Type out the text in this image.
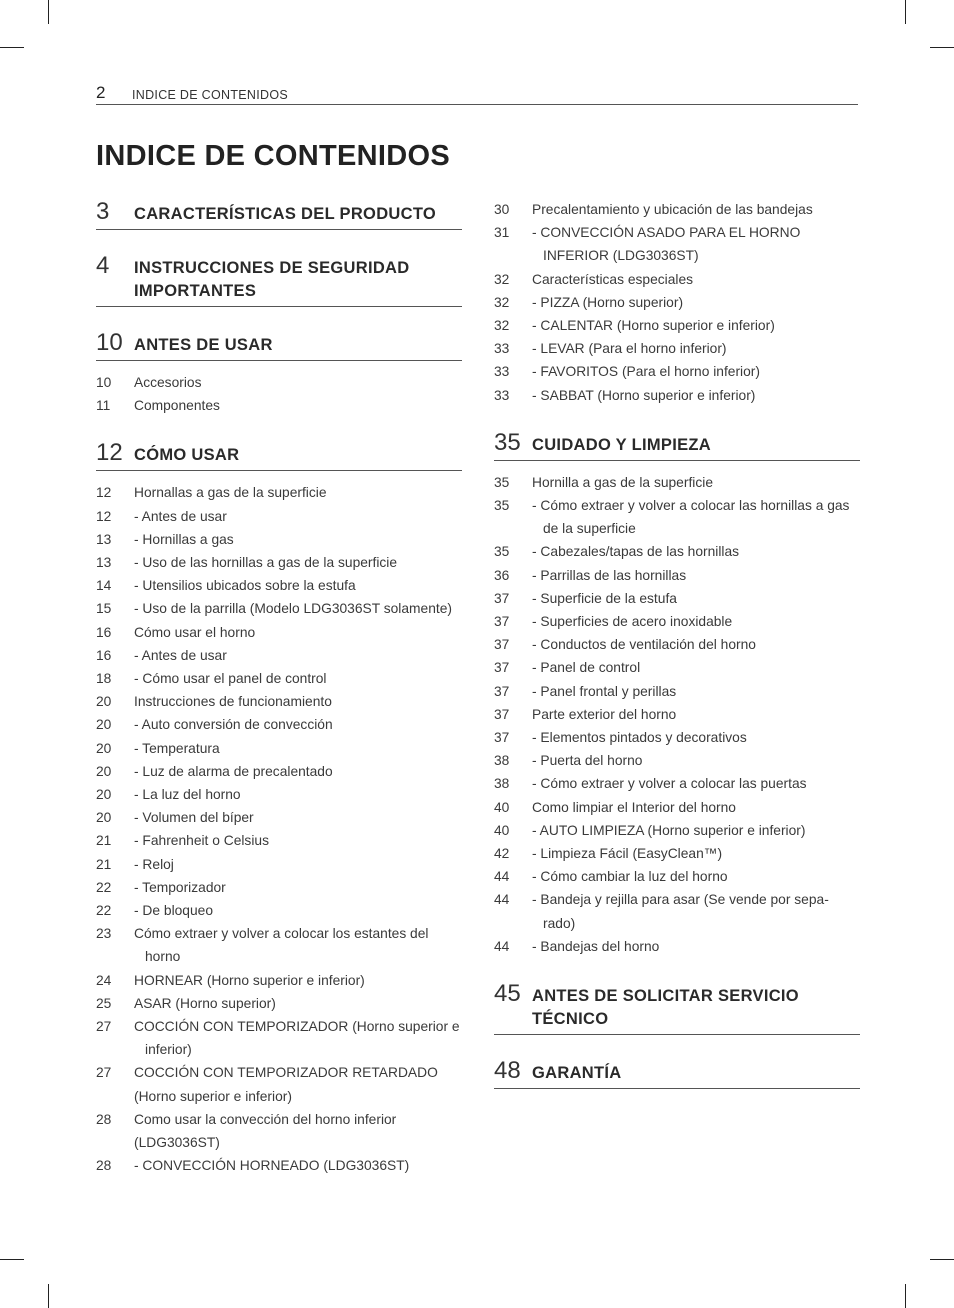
2 INDICE DE CONTENIDOS
INDICE DE CONTENIDOS
3	CARACTERÍSTICAS DEL PRODUCTO
4	INSTRUCCIONES DE SEGURIDAD IMPORTANTES
10 ANTES DE USAR
10	Accesorios
11	Componentes
12 CÓMO USAR
12	Hornallas a gas de la superficie
12	- Antes de usar
13	- Hornillas a gas
13	- Uso de las hornillas a gas de la superficie
14	- Utensilios ubicados sobre la estufa
15	- Uso de la parrilla (Modelo LDG3036ST solamente)
16	Cómo usar el horno
16	- Antes de usar
18	- Cómo usar el panel de control
20	Instrucciones de funcionamiento
20	- Auto conversión de convección
20	- Temperatura
20	- Luz de alarma de precalentado
20	- La luz del horno
20	- Volumen del bíper
21	- Fahrenheit o Celsius
21	- Reloj
22	- Temporizador
22	- De bloqueo
23	Cómo extraer y volver a colocar los estantes del horno
24	HORNEAR (Horno superior e inferior)
25	ASAR (Horno superior)
27	COCCIÓN CON TEMPORIZADOR (Horno superior e inferior)
27	COCCIÓN CON TEMPORIZADOR RETARDADO (Horno superior e inferior)
28	Como usar la convección del horno inferior (LDG3036ST)
28	- CONVECCIÓN HORNEADO (LDG3036ST)
30	Precalentamiento y ubicación de las bandejas
31	- CONVECCIÓN ASADO PARA EL HORNO INFERIOR (LDG3036ST)
32	Características especiales
32	- PIZZA (Horno superior)
32	- CALENTAR (Horno superior e inferior)
33	- LEVAR (Para el horno inferior)
33	- FAVORITOS (Para el horno inferior)
33	- SABBAT (Horno superior e inferior)
35 CUIDADO Y LIMPIEZA
35	Hornilla a gas de la superficie
35	- Cómo extraer y volver a colocar las hornillas a gas de la superficie
35	- Cabezales/tapas de las hornillas
36	- Parrillas de las hornillas
37	- Superficie de la estufa
37	- Superficies de acero inoxidable
37	- Conductos de ventilación del horno
37	- Panel de control
37	- Panel frontal y perillas
37	Parte exterior del horno
37	- Elementos pintados y decorativos
38	- Puerta del horno
38	- Cómo extraer y volver a colocar las puertas
40	Como limpiar el Interior del horno
40	- AUTO LIMPIEZA (Horno superior e inferior)
42	- Limpieza Fácil (EasyClean™)
44	- Cómo cambiar la luz del horno
44	- Bandeja y rejilla para asar (Se vende por sepa-rado)
44	- Bandejas del horno
45 ANTES DE SOLICITAR SERVICIO TÉCNICO
48 GARANTÍA
